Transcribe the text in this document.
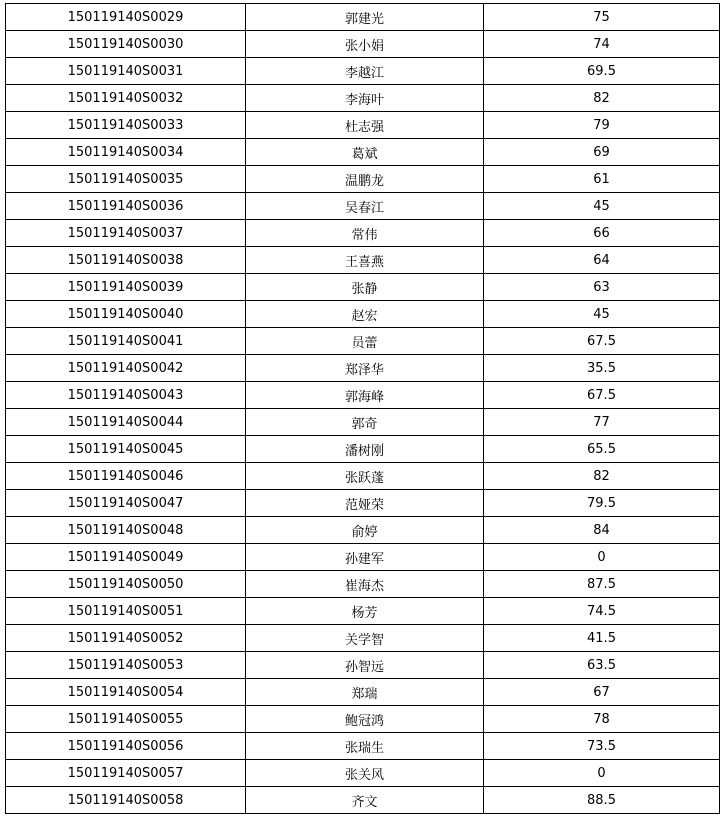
150119140S0029	郭建光	75
150119140S0030	张小娟	74
150119140S0031	李越江	69.5
150119140S0032	李海叶	82
150119140S0033	杜志强	79
150119140S0034	葛斌	69
150119140S0035	温鹏龙	61
150119140S0036	吴春江	45
150119140S0037	常伟	66
150119140S0038	王喜燕	64
150119140S0039	张静	63
150119140S0040	赵宏	45
150119140S0041	员蕾	67.5
150119140S0042	郑泽华	35.5
150119140S0043	郭海峰	67.5
150119140S0044	郭奇	77
150119140S0045	潘树刚	65.5
150119140S0046	张跃蓬	82
150119140S0047	范娅荣	79.5
150119140S0048	俞婷	84
150119140S0049	孙建军	0
150119140S0050	崔海杰	87.5
150119140S0051	杨芳	74.5
150119140S0052	关学智	41.5
150119140S0053	孙智远	63.5
150119140S0054	郑瑞	67
150119140S0055	鲍冠鸿	78
150119140S0056	张瑞生	73.5
150119140S0057	张关风	0
150119140S0058	齐文	88.5
